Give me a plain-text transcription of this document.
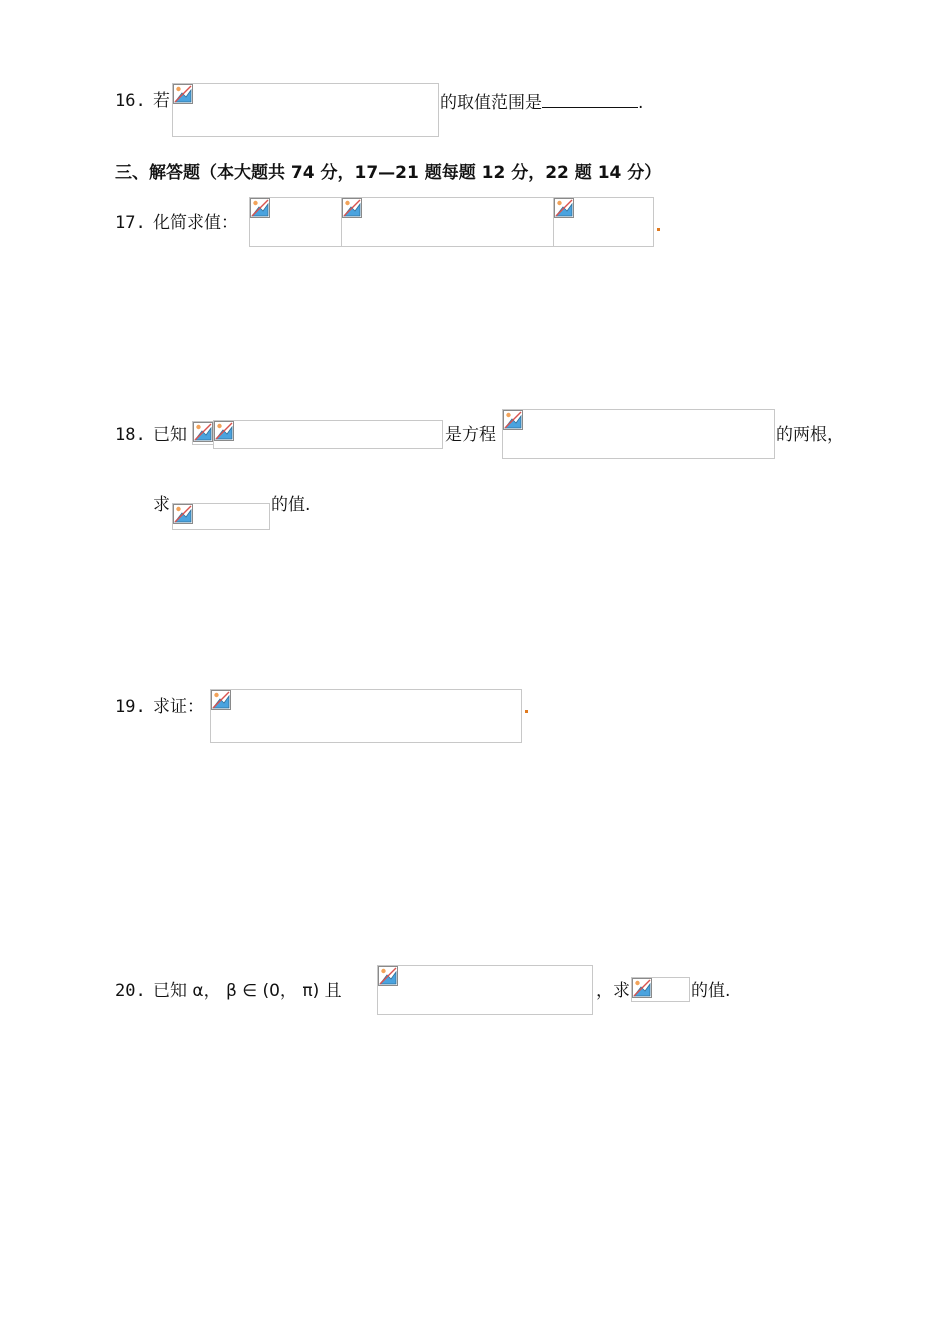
16. 若	的取值范围是	.
三、解答题（本大题共 74 分，17—21 题每题 12 分，22 题 14 分）
17. 化简求值：
18. 已知	是方程	的两根，
求	的值.
19. 求证：
20. 已知 α， β ∈ (0， π) 且	，求	的值.
